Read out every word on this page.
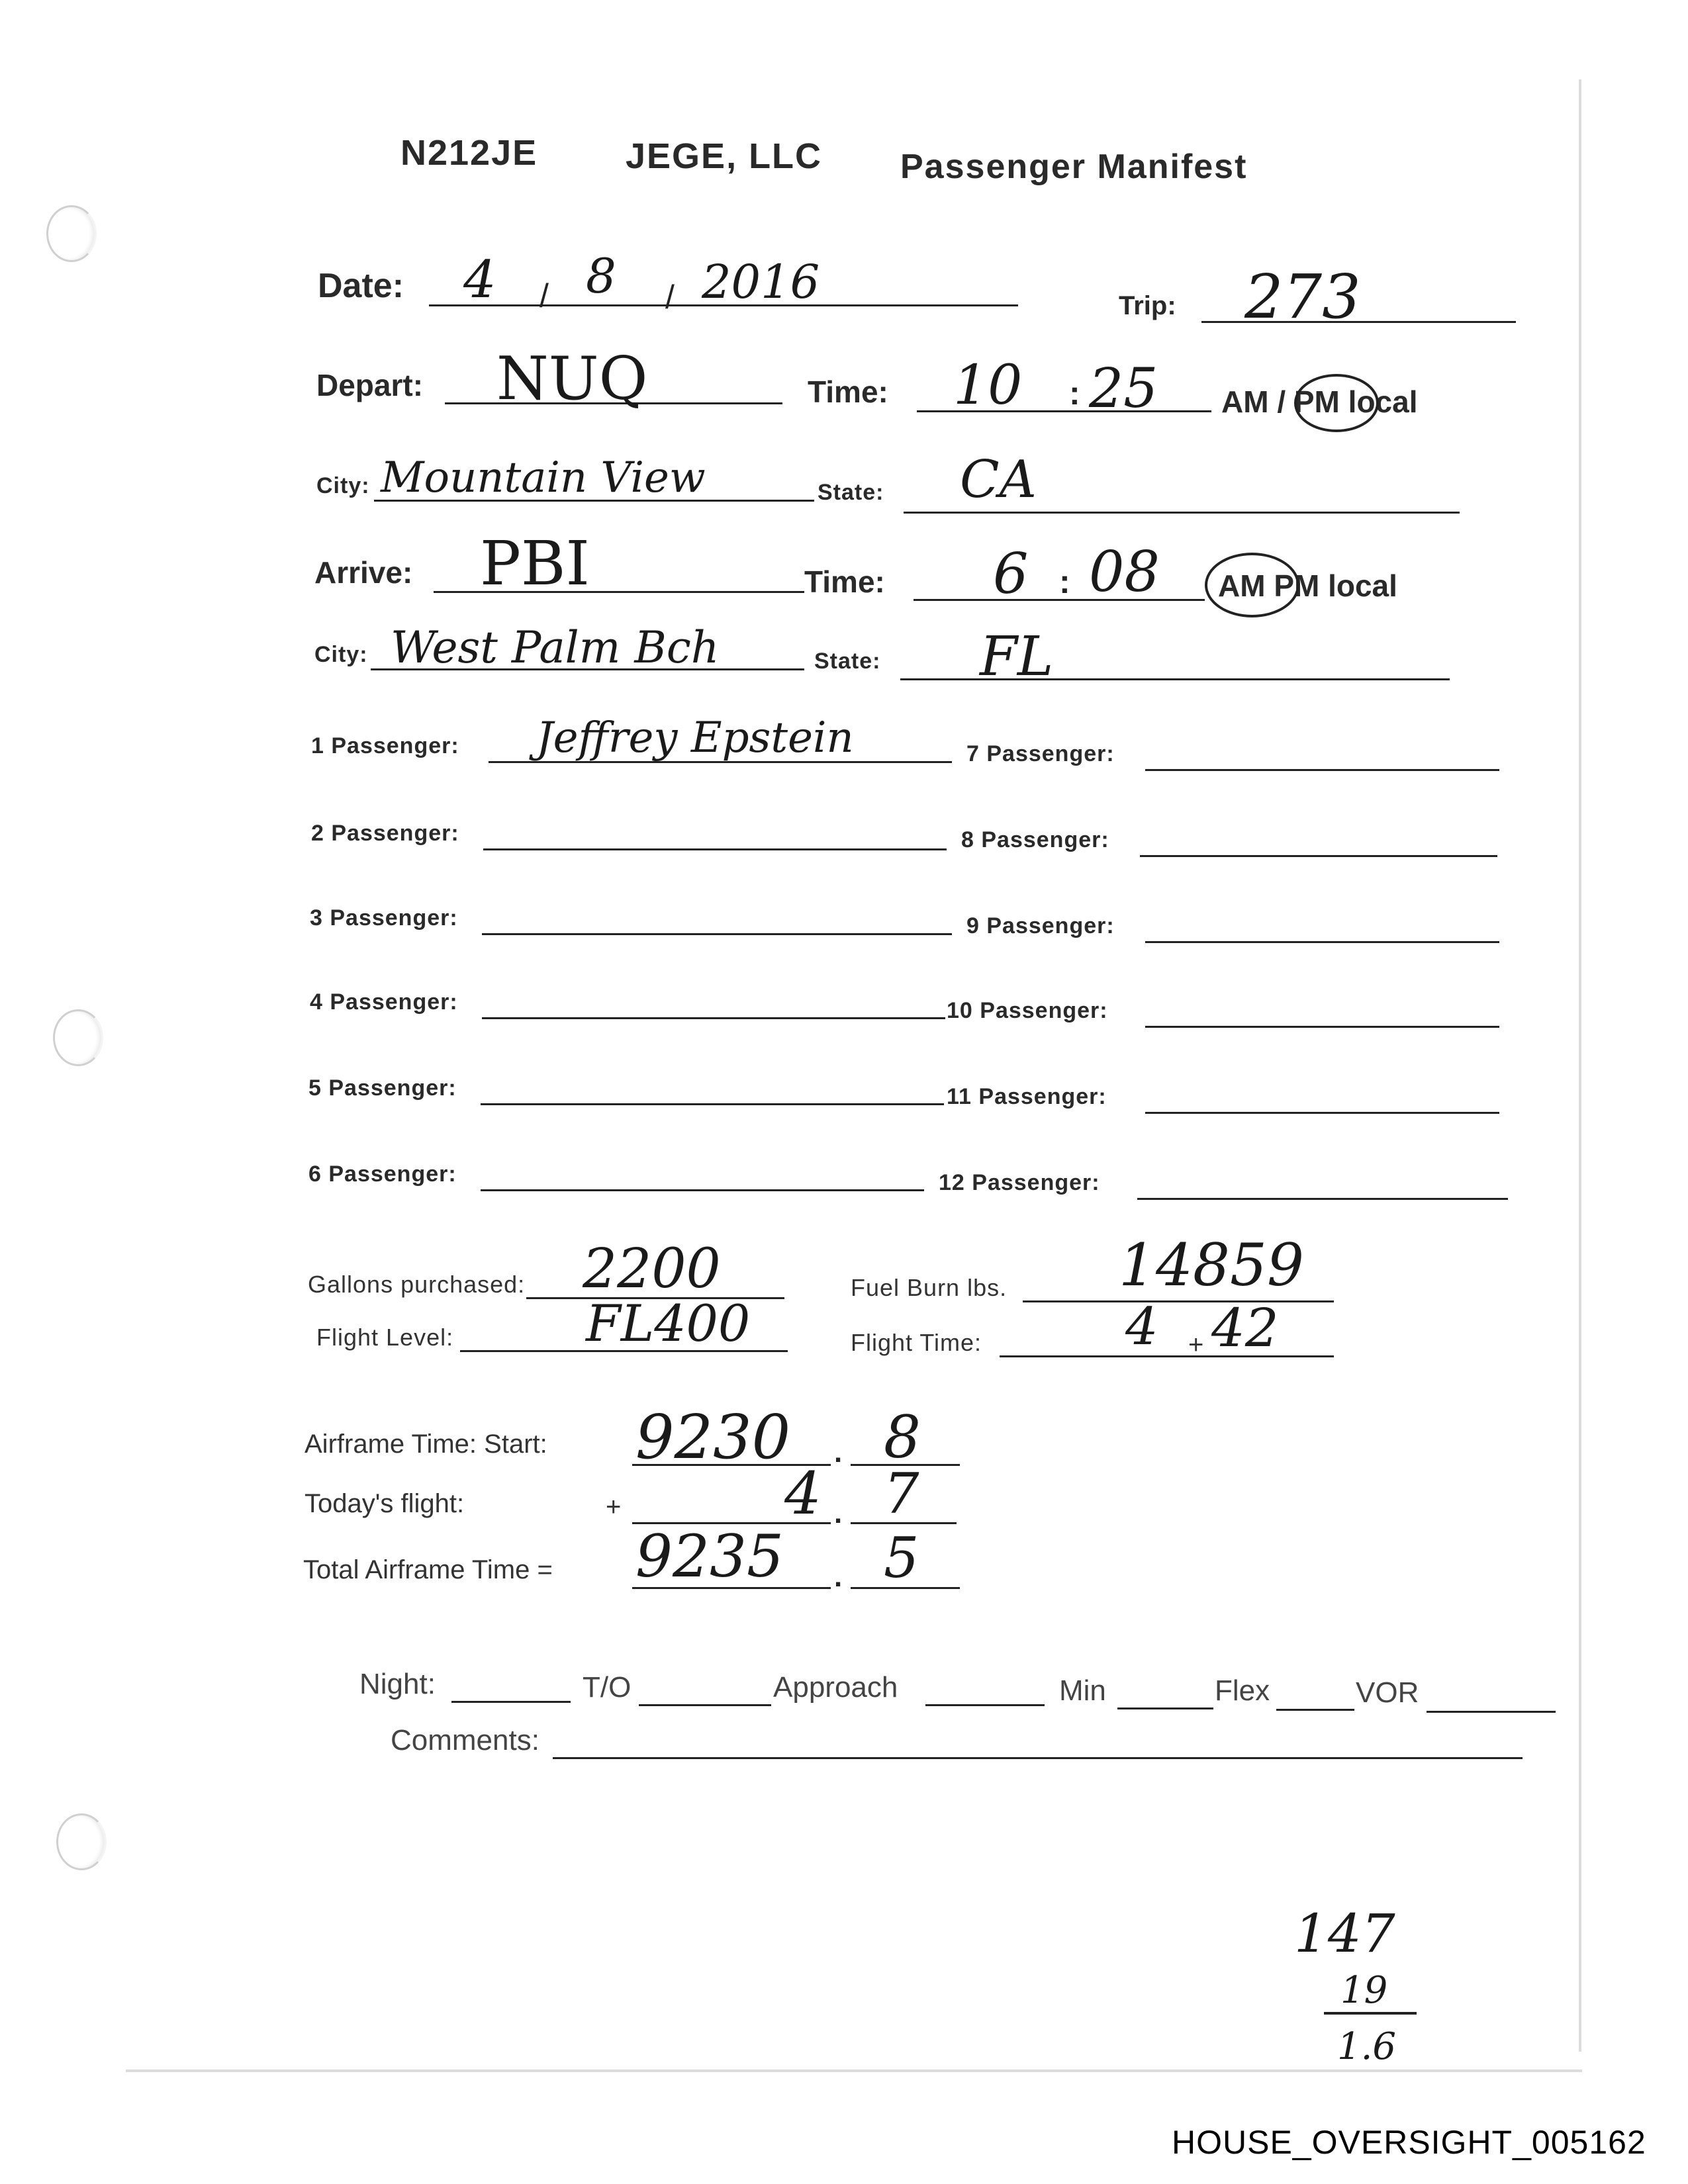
N212JE JEGE, LLC Passenger Manifest
Date: 4 / 8 / 2016	Trip: 273
Depart: NUQ	Time: 10 : 25 AM / PM local
City: Mountain View	State: CA
Arrive: PBI	Time: 6 : 08 AM PM local
City: West Palm Bch	State: FL
1 Passenger: Jeffrey Epstein
2 Passenger:
3 Passenger:
4 Passenger:
5 Passenger:
6 Passenger:
7 Passenger:
8 Passenger:
9 Passenger:
10 Passenger:
11 Passenger:
12 Passenger:
Gallons purchased: 2200	Fuel Burn lbs. 14859
Flight Level:	FL400	Flight Time:	4 + 42
Airframe Time: Start: 9230 . 8
Today's flight:	+	4 . 7
Total Airframe Time = 9235 . 5
Night:	T/O	Approach	Min	Flex	VOR
Comments:
147
19
1.6
HOUSE_OVERSIGHT_005162
